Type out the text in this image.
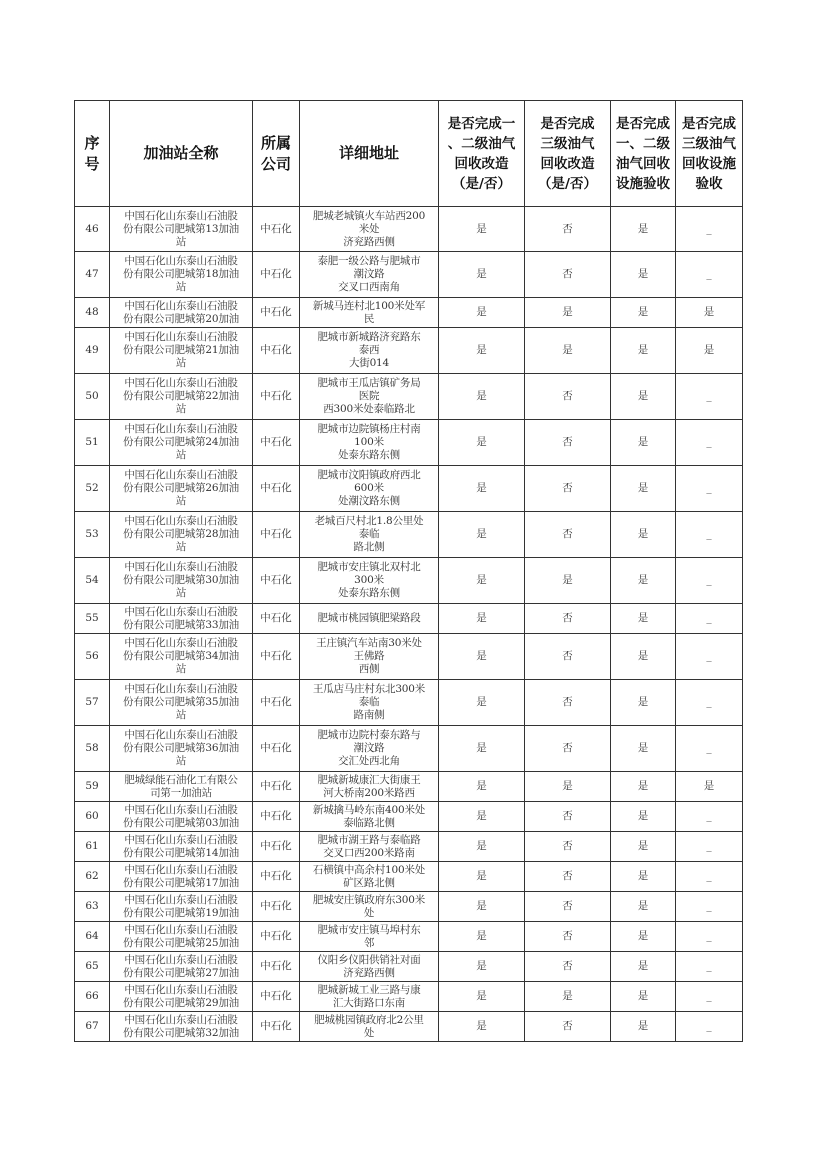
序
号	加油站全称	所属
公司	详细地址	是否完成一
、二级油气
回收改造
（是/否）	是否完成
三级油气
回收改造
（是/否）	是否完成
一、二级
油气回收
设施验收	是否完成
三级油气
回收设施
验收
46	中国石化山东泰山石油股
份有限公司肥城第13加油
站	中石化	肥城老城镇火车站西200
米处
济兖路西侧	是	否	是	_
47	中国石化山东泰山石油股
份有限公司肥城第18加油
站	中石化	泰肥一级公路与肥城市
潮汶路
交叉口西南角	是	否	是	_
48	中国石化山东泰山石油股
份有限公司肥城第20加油	中石化	新城马连村北100米处军
民	是	是	是	是
49	中国石化山东泰山石油股
份有限公司肥城第21加油
站	中石化	肥城市新城路济兖路东
泰西
大街014	是	是	是	是
50	中国石化山东泰山石油股
份有限公司肥城第22加油
站	中石化	肥城市王瓜店镇矿务局
医院
西300米处泰临路北	是	否	是	_
51	中国石化山东泰山石油股
份有限公司肥城第24加油
站	中石化	肥城市边院镇杨庄村南
100米
处泰东路东侧	是	否	是	_
52	中国石化山东泰山石油股
份有限公司肥城第26加油
站	中石化	肥城市汶阳镇政府西北
600米
处潮汶路东侧	是	否	是	_
53	中国石化山东泰山石油股
份有限公司肥城第28加油
站	中石化	老城百尺村北1.8公里处
泰临
路北侧	是	否	是	_
54	中国石化山东泰山石油股
份有限公司肥城第30加油
站	中石化	肥城市安庄镇北双村北
300米
处泰东路东侧	是	是	是	_
55	中国石化山东泰山石油股
份有限公司肥城第33加油	中石化	肥城市桃园镇肥梁路段	是	否	是	_
56	中国石化山东泰山石油股
份有限公司肥城第34加油
站	中石化	王庄镇汽车站南30米处
王佛路
西侧	是	否	是	_
57	中国石化山东泰山石油股
份有限公司肥城第35加油
站	中石化	王瓜店马庄村东北300米
泰临
路南侧	是	否	是	_
58	中国石化山东泰山石油股
份有限公司肥城第36加油
站	中石化	肥城市边院村泰东路与
潮汶路
交汇处西北角	是	否	是	_
59	肥城绿能石油化工有限公
司第一加油站	中石化	肥城新城康汇大街康王
河大桥南200米路西	是	是	是	是
60	中国石化山东泰山石油股
份有限公司肥城第03加油	中石化	新城擒马岭东南400米处
泰临路北侧	是	否	是	_
61	中国石化山东泰山石油股
份有限公司肥城第14加油	中石化	肥城市湖王路与泰临路
交叉口西200米路南	是	否	是	_
62	中国石化山东泰山石油股
份有限公司肥城第17加油	中石化	石横镇中高余村100米处
矿区路北侧	是	否	是	_
63	中国石化山东泰山石油股
份有限公司肥城第19加油	中石化	肥城安庄镇政府东300米
处	是	否	是	_
64	中国石化山东泰山石油股
份有限公司肥城第25加油	中石化	肥城市安庄镇马埠村东
邻	是	否	是	_
65	中国石化山东泰山石油股
份有限公司肥城第27加油	中石化	仪阳乡仪阳供销社对面
济兖路西侧	是	否	是	_
66	中国石化山东泰山石油股
份有限公司肥城第29加油	中石化	肥城新城工业三路与康
汇大街路口东南	是	是	是	_
67	中国石化山东泰山石油股
份有限公司肥城第32加油	中石化	肥城桃园镇政府北2公里
处	是	否	是	_
